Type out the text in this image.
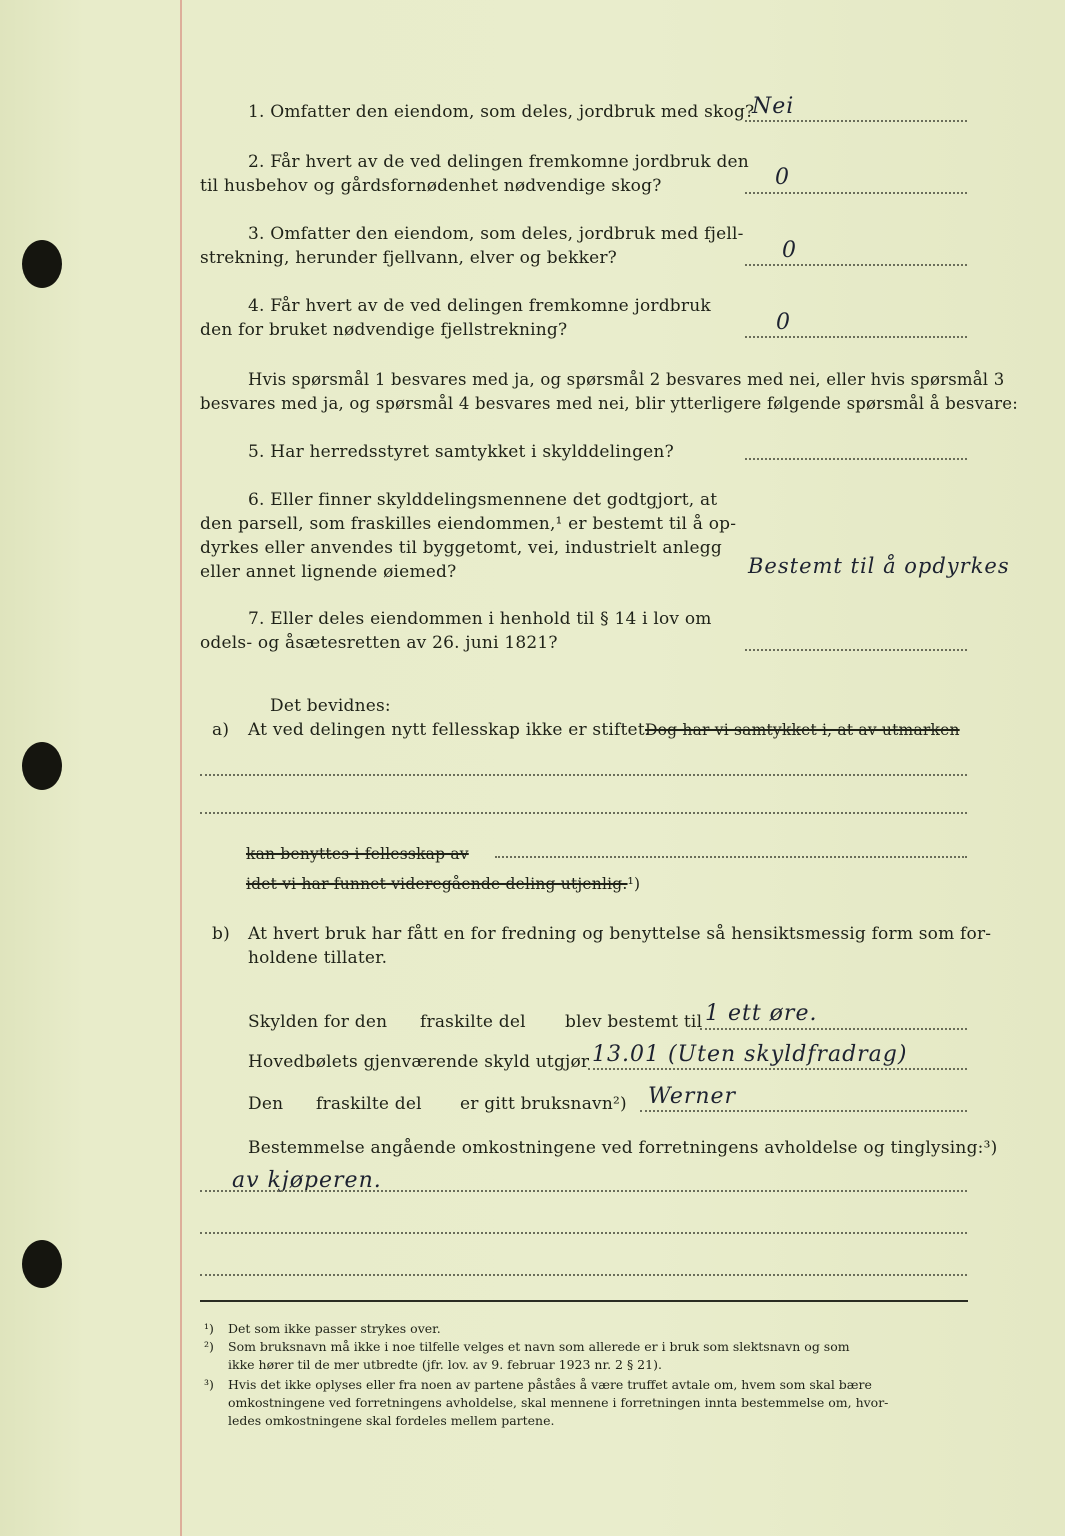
1. Omfatter den eiendom, som deles, jordbruk med skog?
Nei
2. Får hvert av de ved delingen fremkomne jordbruk den
til husbehov og gårdsfornødenhet nødvendige skog?	0
3. Omfatter den eiendom, som deles, jordbruk med fjell-
strekning, herunder fjellvann, elver og bekker?	0
4. Får hvert av de ved delingen fremkomne jordbruk
den for bruket nødvendige fjellstrekning?	0
Hvis spørsmål 1 besvares med ja, og spørsmål 2 besvares med nei, eller hvis spørsmål 3
besvares med ja, og spørsmål 4 besvares med nei, blir ytterligere følgende spørsmål å besvare:
5. Har herredsstyret samtykket i skylddelingen?
6. Eller finner skylddelingsmennene det godtgjort, at
den parsell, som fraskilles eiendommen,¹ er bestemt til å op-
dyrkes eller anvendes til byggetomt, vei, industrielt anlegg
eller annet lignende øiemed?	Bestemt til å opdyrkes
7. Eller deles eiendommen i henhold til § 14 i lov om
odels- og åsætesretten av 26. juni 1821?
Det bevidnes:
a) At ved delingen nytt fellesskap ikke er stiftet.
Dog har vi samtykket i, at av utmarken
kan benyttes i fellesskap av
idet vi har funnet videregående deling utjenlig.¹)
b) At hvert bruk har fått en for fredning og benyttelse så hensiktsmessig form som for-
holdene tillater.
Skylden for den fraskilte del blev bestemt til 1 ett øre.
Hovedbølets gjenværende skyld utgjør 13.01 (Uten skyldfradrag)
Den fraskilte del er gitt bruksnavn²) Werner
Bestemmelse angående omkostningene ved forretningens avholdelse og tinglysing:³)
av kjøperen.
¹) Det som ikke passer strykes over.
²) Som bruksnavn må ikke i noe tilfelle velges et navn som allerede er i bruk som slektsnavn og som
ikke hører til de mer utbredte (jfr. lov. av 9. februar 1923 nr. 2 § 21).
³) Hvis det ikke oplyses eller fra noen av partene påståes å være truffet avtale om, hvem som skal bære
omkostningene ved forretningens avholdelse, skal mennene i forretningen innta bestemmelse om, hvor-
ledes omkostningene skal fordeles mellem partene.
